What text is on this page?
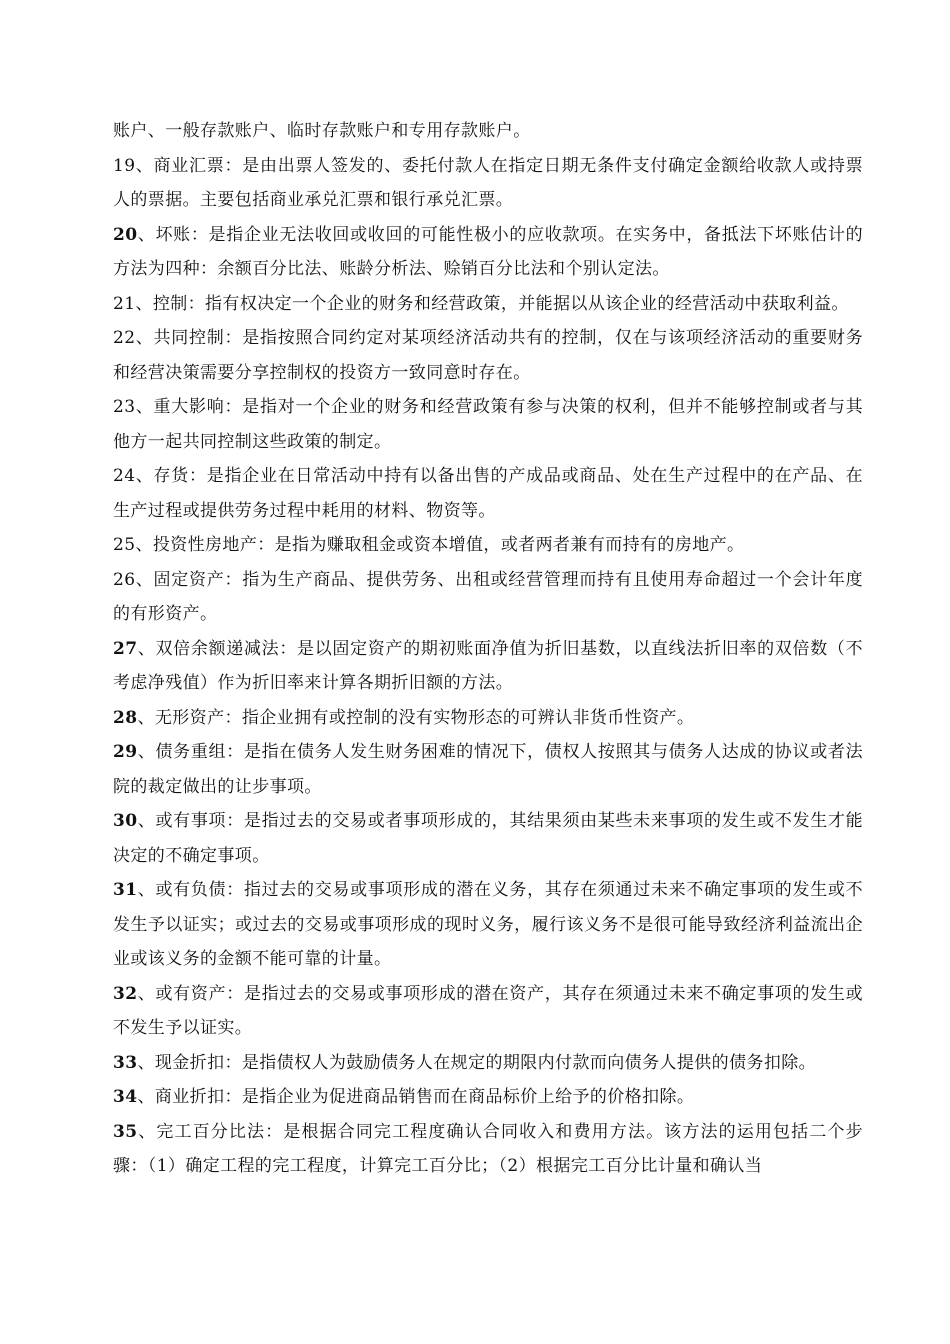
账户、一般存款账户、临时存款账户和专用存款账户。

19、商业汇票：是由出票人签发的、委托付款人在指定日期无条件支付确定金额给收款人或持票人的票据。主要包括商业承兑汇票和银行承兑汇票。

20、坏账：是指企业无法收回或收回的可能性极小的应收款项。在实务中，备抵法下坏账估计的方法为四种：余额百分比法、账龄分析法、赊销百分比法和个别认定法。

21、控制：指有权决定一个企业的财务和经营政策，并能据以从该企业的经营活动中获取利益。

22、共同控制：是指按照合同约定对某项经济活动共有的控制，仅在与该项经济活动的重要财务和经营决策需要分享控制权的投资方一致同意时存在。

23、重大影响：是指对一个企业的财务和经营政策有参与决策的权利，但并不能够控制或者与其他方一起共同控制这些政策的制定。

24、存货：是指企业在日常活动中持有以备出售的产成品或商品、处在生产过程中的在产品、在生产过程或提供劳务过程中耗用的材料、物资等。

25、投资性房地产：是指为赚取租金或资本增值，或者两者兼有而持有的房地产。

26、固定资产：指为生产商品、提供劳务、出租或经营管理而持有且使用寿命超过一个会计年度的有形资产。

27、双倍余额递减法：是以固定资产的期初账面净值为折旧基数，以直线法折旧率的双倍数（不考虑净残值）作为折旧率来计算各期折旧额的方法。

28、无形资产：指企业拥有或控制的没有实物形态的可辨认非货币性资产。

29、债务重组：是指在债务人发生财务困难的情况下，债权人按照其与债务人达成的协议或者法院的裁定做出的让步事项。

30、或有事项：是指过去的交易或者事项形成的，其结果须由某些未来事项的发生或不发生才能决定的不确定事项。

31、或有负债：指过去的交易或事项形成的潜在义务，其存在须通过未来不确定事项的发生或不发生予以证实；或过去的交易或事项形成的现时义务，履行该义务不是很可能导致经济利益流出企业或该义务的金额不能可靠的计量。

32、或有资产：是指过去的交易或事项形成的潜在资产，其存在须通过未来不确定事项的发生或不发生予以证实。

33、现金折扣：是指债权人为鼓励债务人在规定的期限内付款而向债务人提供的债务扣除。

34、商业折扣：是指企业为促进商品销售而在商品标价上给予的价格扣除。

35、完工百分比法：是根据合同完工程度确认合同收入和费用方法。该方法的运用包括二个步骤：（1）确定工程的完工程度，计算完工百分比；（2）根据完工百分比计量和确认当
